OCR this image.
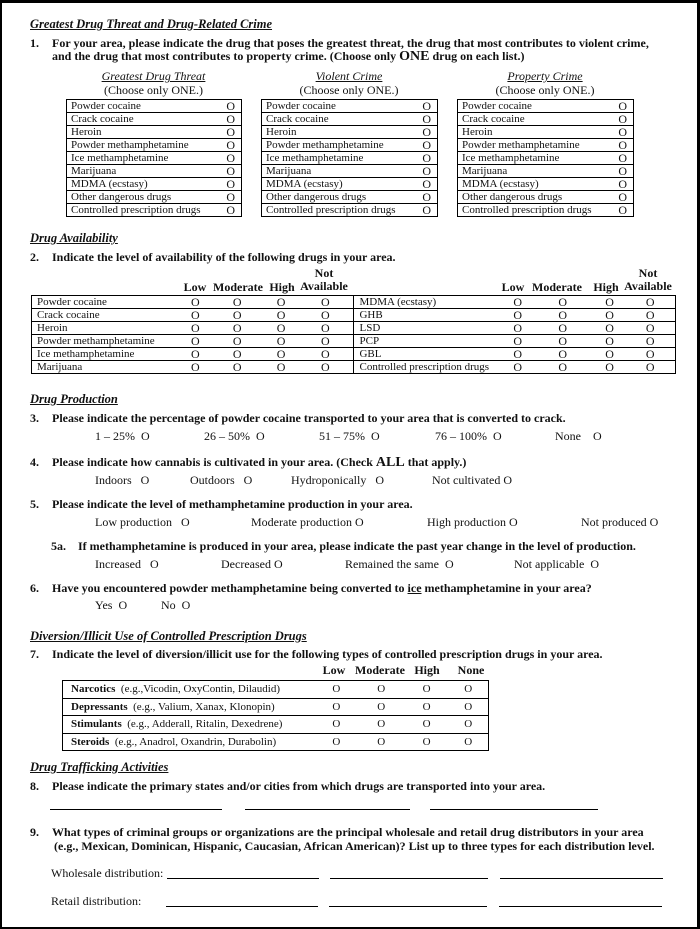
Greatest Drug Threat and Drug-Related Crime
1. For your area, please indicate the drug that poses the greatest threat, the drug that most contributes to violent crime,
and the drug that most contributes to property crime. (Choose only ONE drug on each list.)
Greatest Drug Threat
(Choose only ONE.)
Violent Crime
(Choose only ONE.)
Property Crime
(Choose only ONE.)
Powder cocaine	O
Crack cocaine	O
Heroin	O
Powder methamphetamine	O
Ice methamphetamine	O
Marijuana	O
MDMA (ecstasy)	O
Other dangerous drugs	O
Controlled prescription drugs	O
Powder cocaine	O
Crack cocaine	O
Heroin	O
Powder methamphetamine	O
Ice methamphetamine	O
Marijuana	O
MDMA (ecstasy)	O
Other dangerous drugs	O
Controlled prescription drugs	O
Powder cocaine	O
Crack cocaine	O
Heroin	O
Powder methamphetamine	O
Ice methamphetamine	O
Marijuana	O
MDMA (ecstasy)	O
Other dangerous drugs	O
Controlled prescription drugs	O
Drug Availability
2. Indicate the level of availability of the following drugs in your area.
Low Moderate High
Not
Available	Low Moderate High
Not
Available
Powder cocaine	O	O	O	O	MDMA (ecstasy)	O	O	O	O
Crack cocaine	O	O	O	O	GHB	O	O	O	O
Heroin	O	O	O	O	LSD	O	O	O	O
Powder methamphetamine	O	O	O	O	PCP	O	O	O	O
Ice methamphetamine	O	O	O	O	GBL	O	O	O	O
Marijuana	O	O	O	O	Controlled prescription drugs	O	O	O	O
Drug Production
3. Please indicate the percentage of powder cocaine transported to your area that is converted to crack.
1 – 25% O	26 – 50% O	51 – 75% O	76 – 100% O	None O
4. Please indicate how cannabis is cultivated in your area. (Check ALL that apply.)
Indoors O	Outdoors O	Hydroponically O	Not cultivated O
5. Please indicate the level of methamphetamine production in your area.
Low production O	Moderate production O	High production O	Not produced O
5a. If methamphetamine is produced in your area, please indicate the past year change in the level of production.
Increased O	Decreased O	Remained the same O	Not applicable O
6. Have you encountered powder methamphetamine being converted to ice methamphetamine in your area?
Yes O	No O
Diversion/Illicit Use of Controlled Prescription Drugs
7. Indicate the level of diversion/illicit use for the following types of controlled prescription drugs in your area.
Low Moderate High	None
Narcotics (e.g.,Vicodin, OxyContin, Dilaudid)	O	O	O	O
Depressants (e.g., Valium, Xanax, Klonopin)	O	O	O	O
Stimulants (e.g., Adderall, Ritalin, Dexedrene)	O	O	O	O
Steroids (e.g., Anadrol, Oxandrin, Durabolin)	O	O	O	O
Drug Trafficking Activities
8. Please indicate the primary states and/or cities from which drugs are transported into your area.
9. What types of criminal groups or organizations are the principal wholesale and retail drug distributors in your area
(e.g., Mexican, Dominican, Hispanic, Caucasian, African American)? List up to three types for each distribution level.
Wholesale distribution:
Retail distribution:
